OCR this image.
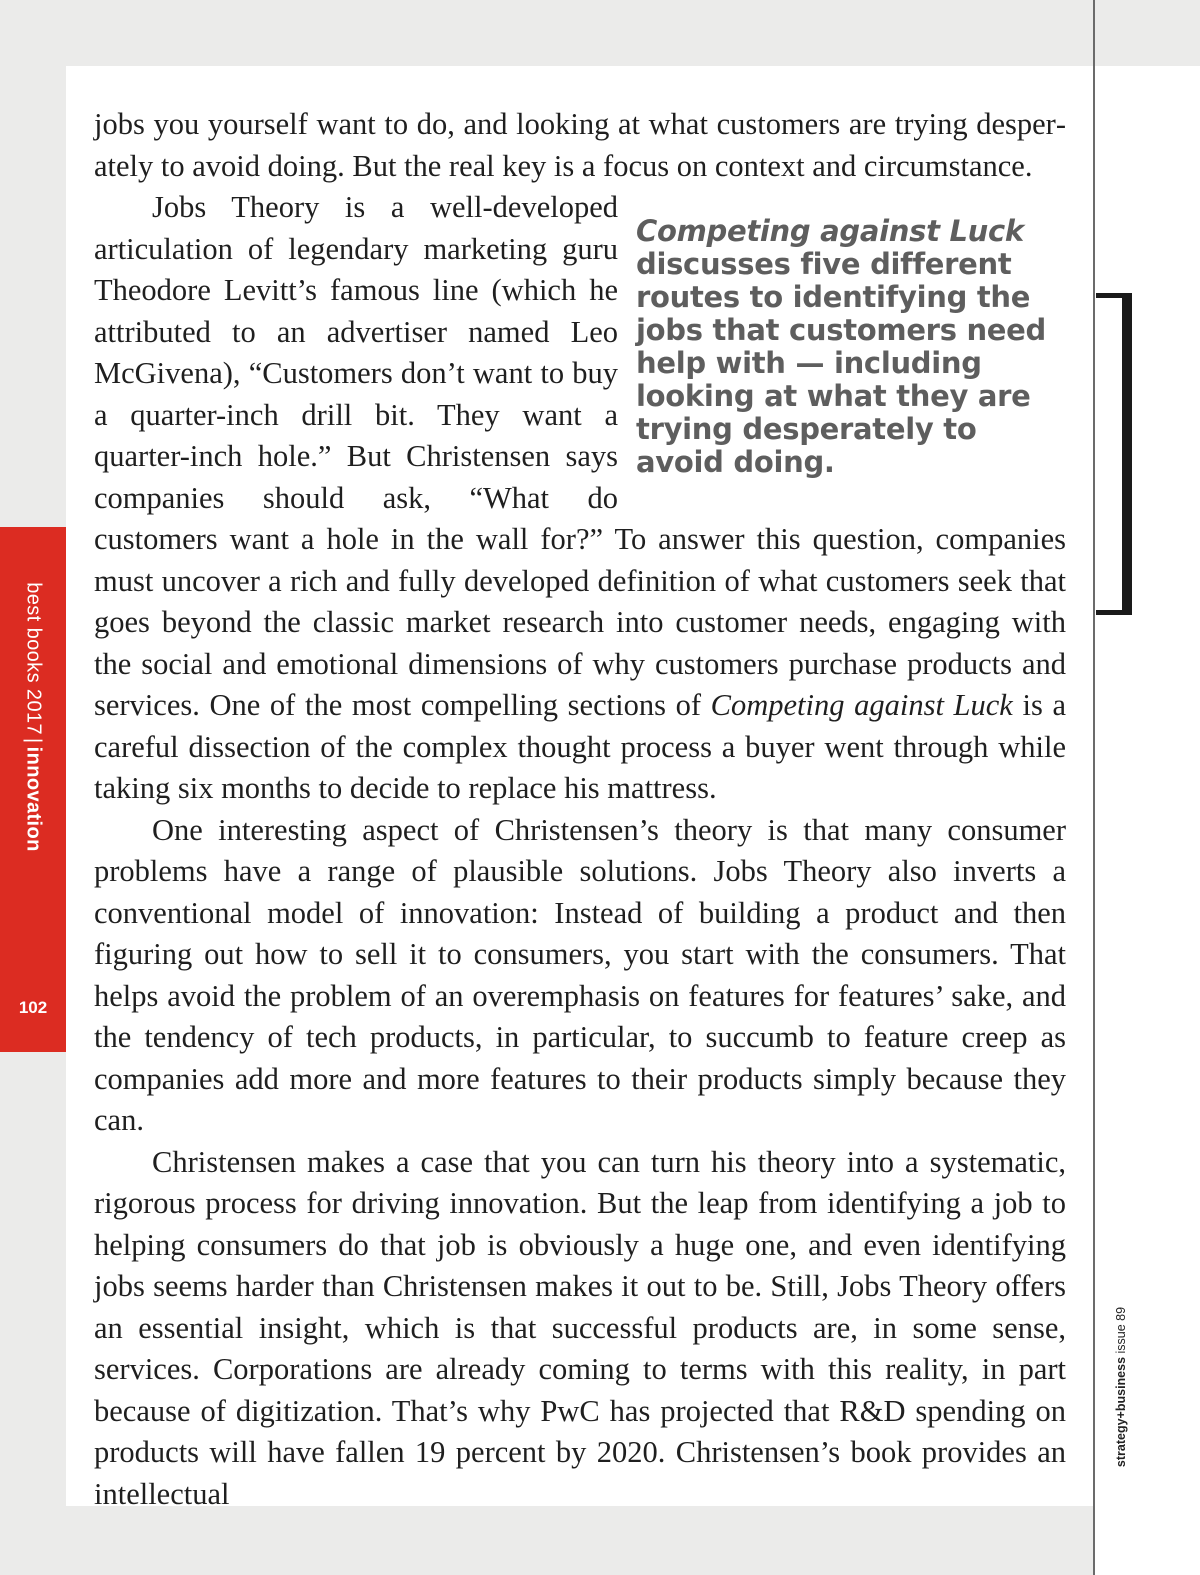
best books 2017|innovation
102
strategy+business issue 89

jobs you yourself want to do, and looking at what customers are trying desperately to avoid doing. But the real key is a focus on context and circumstance.

Competing against Luck discusses five different routes to identifying the jobs that customers need help with — including looking at what they are trying desperately to avoid doing.

Jobs Theory is a well-developed articulation of legendary marketing guru Theodore Levitt’s famous line (which he attributed to an advertiser named Leo McGivena), “Customers don’t want to buy a quarter-inch drill bit. They want a quarter-inch hole.” But Christensen says companies should ask, “What do customers want a hole in the wall for?” To answer this question, companies must uncover a rich and fully developed definition of what customers seek that goes beyond the classic market research into customer needs, engaging with the social and emotional dimensions of why customers purchase products and services. One of the most compelling sections of Competing against Luck is a careful dissection of the complex thought process a buyer went through while taking six months to decide to replace his mattress.

One interesting aspect of Christensen’s theory is that many consumer problems have a range of plausible solutions. Jobs Theory also inverts a conventional model of innovation: Instead of building a product and then figuring out how to sell it to consumers, you start with the consumers. That helps avoid the problem of an overemphasis on features for features’ sake, and the tendency of tech products, in particular, to succumb to feature creep as companies add more and more features to their products simply because they can.

Christensen makes a case that you can turn his theory into a systematic, rigorous process for driving innovation. But the leap from identifying a job to helping consumers do that job is obviously a huge one, and even identifying jobs seems harder than Christensen makes it out to be. Still, Jobs Theory offers an essential insight, which is that successful products are, in some sense, services. Corporations are already coming to terms with this reality, in part because of digitization. That’s why PwC has projected that R&D spending on products will have fallen 19 percent by 2020. Christensen’s book provides an intellectual
